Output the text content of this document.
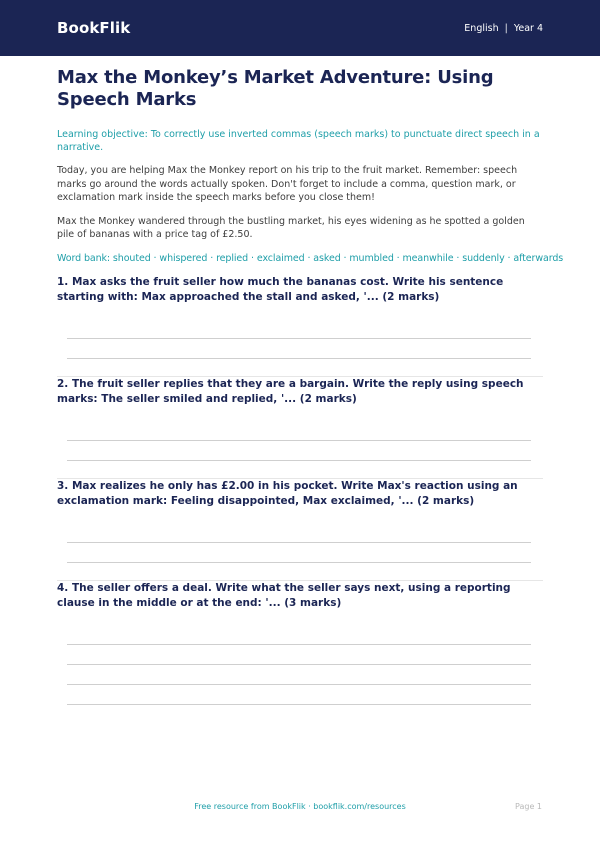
BookFlik	English | Year 4
Max the Monkey’s Market Adventure: Using Speech Marks

Learning objective: To correctly use inverted commas (speech marks) to punctuate direct speech in a narrative.

Today, you are helping Max the Monkey report on his trip to the fruit market. Remember: speech marks go around the words actually spoken. Don't forget to include a comma, question mark, or exclamation mark inside the speech marks before you close them!

Max the Monkey wandered through the bustling market, his eyes widening as he spotted a golden pile of bananas with a price tag of £2.50.

Word bank: shouted · whispered · replied · exclaimed · asked · mumbled · meanwhile · suddenly · afterwards

1. Max asks the fruit seller how much the bananas cost. Write his sentence starting with: Max approached the stall and asked, '... (2 marks)
2. The fruit seller replies that they are a bargain. Write the reply using speech marks: The seller smiled and replied, '... (2 marks)
3. Max realizes he only has £2.00 in his pocket. Write Max's reaction using an exclamation mark: Feeling disappointed, Max exclaimed, '... (2 marks)
4. The seller offers a deal. Write what the seller says next, using a reporting clause in the middle or at the end: '... (3 marks)
Free resource from BookFlik · bookflik.com/resources	Page 1
